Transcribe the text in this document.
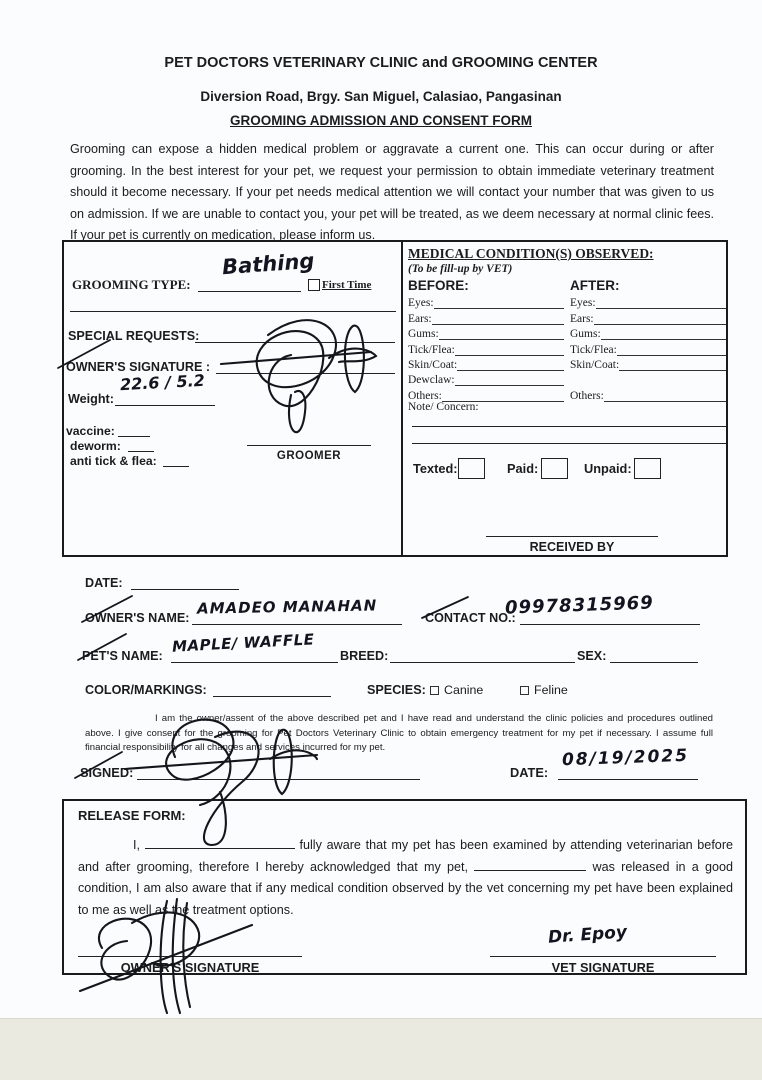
PET DOCTORS VETERINARY CLINIC and GROOMING CENTER
Diversion Road, Brgy. San Miguel, Calasiao, Pangasinan
GROOMING ADMISSION AND CONSENT FORM
Grooming can expose a hidden medical problem or aggravate a current one. This can occur during or after grooming. In the best interest for your pet, we request your permission to obtain immediate veterinary treatment should it become necessary. If your pet needs medical attention we will contact your number that was given to us on admission. If we are unable to contact you, your pet will be treated, as we deem necessary at normal clinic fees. If your pet is currently on medication, please inform us.
GROOMING TYPE:
Bathing
First Time
SPECIAL REQUESTS:
OWNER'S SIGNATURE :
Weight:
22.6 / 5.2
vaccine:
deworm:
anti tick & flea:	GROOMER
MEDICAL CONDITION(S) OBSERVED:
(To be fill-up by VET)
BEFORE:	AFTER:
Eyes:	Eyes:
Ears:	Ears:
Gums:	Gums:
Tick/Flea:	Tick/Flea:
Skin/Coat:	Skin/Coat:
Dewclaw:
Others:	Others:
Note/ Concern:
Texted:	Paid:	Unpaid:
RECEIVED BY
DATE:
OWNER'S NAME:
AMADEO MANAHAN
CONTACT NO.:
09978315969
PET'S NAME:
MAPLE/ WAFFLE
BREED:	SEX:
COLOR/MARKINGS:	SPECIES:	Canine	Feline
I am the owner/assent of the above described pet and I have read and understand the clinic policies and procedures outlined above. I give consent for the grooming for Pet Doctors Veterinary Clinic to obtain emergency treatment for my pet if necessary. I assume full financial responsibility for all changes and services incurred for my pet.
SIGNED:	DATE:
08/19/2025
RELEASE FORM:
I,	fully aware that my pet has been examined by attending veterinarian before and after grooming, therefore I hereby acknowledged that my pet,	was released in a good condition, I am also aware that if any medical condition observed by the vet concerning my pet have been explained to me as well as the treatment options.
OWNER'S SIGNATURE	VET SIGNATURE
Dr. Epoy
